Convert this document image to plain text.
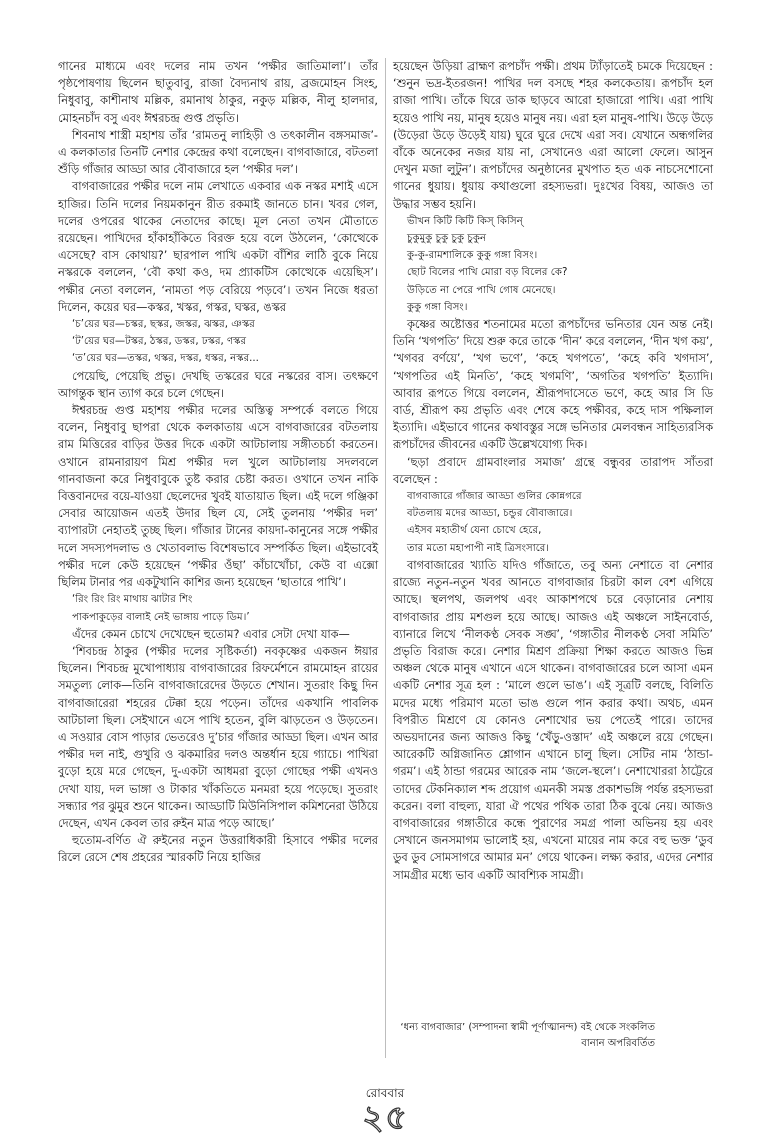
গানের মাধ্যমে এবং দলের নাম তখন ‘পক্ষীর জাতিমালা’। তাঁর পৃষ্ঠপোষণায় ছিলেন ছাতুবাবু, রাজা বৈদ্যনাথ রায়, ব্রজমোহন সিংহ, নিধুবাবু, কাশীনাথ মল্লিক, রমানাথ ঠাকুর, নকুড় মল্লিক, নীলু হালদার, মোহনচাঁদ বসু এবং ঈশ্বরচন্দ্র গুপ্ত প্রভৃতি।

শিবনাথ শাস্ত্রী মহাশয় তাঁর ‘রামতনু লাহিড়ী ও তৎকালীন বঙ্গসমাজ’-এ কলকাতার তিনটি নেশার কেন্দ্রের কথা বলেছেন। বাগবাজারে, বটতলা শুঁড়ি গাঁজার আড্ডা আর বৌবাজারে হল ‘পক্ষীর দল’।

বাগবাজারের পক্ষীর দলে নাম লেখাতে একবার এক নস্কর মশাই এসে হাজির। তিনি দলের নিয়মকানুন রীত রকমাই জানতে চান। খবর গেল, দলের ওপরের থাকের নেতাদের কাছে। মূল নেতা তখন মৌতাতে রয়েছেন। পাখিদের হাঁকাহাঁকিতে বিরক্ত হয়ে বলে উঠলেন, ‘কোত্থেকে এসেছে? বাস কোথায়?’ ছারপাল পাখি একটা বাঁশির লাঠি বুকে নিয়ে নস্করকে বললেন, ‘বৌ কথা কও, দম প্র্যাকটিস কোত্থেকে এয়েছিস’। পক্ষীর নেতা বললেন, ‘নামতা পড় বেরিয়ে পড়বে’। তখন নিজে ধরতা দিলেন, কয়ের ঘর—কস্কর, খস্কর, গস্কর, ঘস্কর, ঙস্কর

‘চ’য়ের ঘর—চস্কর, ছস্কর, জস্কর, ঝস্কর, ঞস্কর
‘ট’য়ের ঘর—টস্কর, ঠস্কর, ডস্কর, ঢস্কর, ণস্কর
‘ত’য়ের ঘর—তস্কর, থস্কর, দস্কর, ধস্কর, নস্কর...

পেয়েছি, পেয়েছি প্রভু। দেখছি তস্করের ঘরে নস্করের বাস। তৎক্ষণে আগন্তুক স্থান ত্যাগ করে চলে গেছেন।

ঈশ্বরচন্দ্র গুপ্ত মহাশয় পক্ষীর দলের অস্তিত্ব সম্পর্কে বলতে গিয়ে বলেন, নিধুবাবু ছাপরা থেকে কলকাতায় এসে বাগবাজারের বটতলায় রাম মিত্তিরের বাড়ির উত্তর দিকে একটা আটচালায় সঙ্গীতচর্চা করতেন। ওখানে রামনারায়ণ মিশ্র পক্ষীর দল খুলে আটচালায় সদলবলে গানবাজনা করে নিধুবাবুকে তুষ্ট করার চেষ্টা করত। ওখানে তখন নাকি বিত্তবানদের বয়ে-যাওয়া ছেলেদের খুবই যাতায়াত ছিল। এই দলে গঞ্জিকা সেবার আয়োজন এতই উদার ছিল যে, সেই তুলনায় ‘পক্ষীর দল’ ব্যাপারটা নেহাতই তুচ্ছ ছিল। গাঁজার টানের কায়দা-কানুনের সঙ্গে পক্ষীর দলে সদস্যপদলাভ ও খেতাবলাভ বিশেষভাবে সম্পর্কিত ছিল। এইভাবেই পক্ষীর দলে কেউ হয়েছেন ‘পক্ষীর ওঁছা’ কাঁচাখোঁচা, কেউ বা এক্সো ছিলিম টানার পর একটুখানি কাশির জন্য হয়েছেন ‘ছাতারে পাখি’।

‘রিং রিং রিং মাথায় ঝাটার শিং
পাকপাকুড়ের বালাই নেই ভাঙ্গায় পাড়ে ডিম।’

এঁদের কেমন চোখে দেখেছেন হুতোম? এবার সেটা দেখা যাক—

‘শিবচন্দ্র ঠাকুর (পক্ষীর দলের সৃষ্টিকর্তা) নবকৃষ্ণের একজন ঈয়ার ছিলেন। শিবচন্দ্র মুখোপাধ্যায় বাগবাজারের রিফর্মেশনে রামমোহন রায়ের সমতুল্য লোক—তিনি বাগবাজারেদের উড়তে শেখান। সুতরাং কিছু দিন বাগবাজারেরা শহরের টেক্কা হয়ে পড়েন। তাঁদের একখানি পাবলিক আটচালা ছিল। সেইখানে এসে পাখি হতেন, বুলি ঝাড়তেন ও উড়তেন। এ সওয়ার বোস পাড়ার ভেতরেও দু’চার গাঁজার আড্ডা ছিল। এখন আর পক্ষীর দল নাই, গুখুরি ও ঝকমারির দলও অন্তর্ধান হয়ে গ্যাচে। পাখিরা বুড়ো হয়ে মরে গেছেন, দু-একটা আধমরা বুড়ো গোছের পক্ষী এখনও দেখা যায়, দল ভাঙ্গা ও টাকার খাঁকতিতে মনমরা হয়ে পড়েছে। সুতরাং সন্ধ্যার পর ঝুমুর শুনে থাকেন। আড্ডাটি মিউনিসিপাল কমিশনেরা উঠিয়ে দেছেন, এখন কেবল তার রুইন মাত্র পড়ে আছে।’

হুতোম-বর্ণিত ঐ রুইনের নতুন উত্তরাধিকারী হিসাবে পক্ষীর দলের রিলে রেসে শেষ প্রহরের স্মারকটি নিয়ে হাজির

হয়েছেন উড়িয়া ব্রাহ্মণ রূপচাঁদ পক্ষী। প্রথম ট্যাঁড়াতেই চমকে দিয়েছেন : ‘শুনুন ভদ্র-ইতরজন! পাখির দল বসছে শহর কলকেতায়। রূপচাঁদ হল রাজা পাখি। তাঁকে ঘিরে ডাক ছাড়বে আরো হাজারো পাখি। এরা পাখি হয়েও পাখি নয়, মানুষ হয়েও মানুষ নয়। এরা হল মানুষ-পাখি। উড়ে উড়ে (উড়েরা উড়ে উড়েই যায়) ঘুরে ঘুরে দেখে এরা সব। যেখানে অন্ধগলির বাঁকে অনেকের নজর যায় না, সেখানেও এরা আলো ফেলে। আসুন দেখুন মজা লুটুন’। রূপচাঁদের অনুষ্ঠানের মুখপাত হত এক নাচসেশোনো গানের ধুয়ায়। ধুয়ায় কথাগুলো রহস্যভরা। দুঃখের বিষয়, আজও তা উদ্ধার সম্ভব হয়নি।

ভীখন কিটি কিটি কিস্ কিসিন্
চুকুমুকু চুকু চুকু চুকুন
কু-কু-রামশালিকে কুকু গঙ্গা বিসং।
ছোট বিলের পাখি মোরা বড় বিলের কে?
উড়িতে না পেরে পাখি গোষ মেনেছে।
কুকু গঙ্গা বিসং।

কৃষ্ণের অষ্টোত্তর শতনামের মতো রূপচাঁদের ভনিতার যেন অন্ত নেই। তিনি ‘খগপতি’ দিয়ে শুরু করে তাকে ‘দীন’ করে বললেন, ‘দীন খগ কয়’, ‘খগবর বর্ণয়ে’, ‘খগ ভণে’, ‘কহে খগপতে’, ‘কহে কবি খগদাস’, ‘খগপতির এই মিনতি’, ‘কহে খগমণি’, ‘অগতির খগপতি’ ইত্যাদি। আবার রূপতে গিয়ে বললেন, শ্রীরূপদাসেতে ভণে, কহে আর সি ডি বার্ড, শ্রীরূপ কয় প্রভৃতি এবং শেষে কহে পক্ষীবর, কহে দাস পক্ষিলাল ইত্যাদি। এইভাবে গানের কথাবস্তুর সঙ্গে ভনিতার মেলবন্ধন সাহিত্যরসিক রূপচাঁদের জীবনের একটি উল্লেখযোগ্য দিক।

‘ছড়া প্রবাদে গ্রামবাংলার সমাজ’ গ্রন্থে বন্ধুবর তারাপদ সাঁতরা বলেছেন :

বাগবাজারে গাঁজার আড্ডা গুলির কোন্নগরে
বটতলায় মদের আড্ডা, চন্ডুর বৌবাজারে।
এইসব মহাতীর্থ যেনা চোখে হেরে,
তার মতো মহাপাপী নাই ত্রিসংসারে।

বাগবাজারের খ্যাতি যদিও গাঁজাতে, তবু অন্য নেশাতে বা নেশার রাজ্যে নতুন-নতুন খবর আনতে বাগবাজার চিরটা কাল বেশ এগিয়ে আছে। স্থলপথ, জলপথ এবং আকাশপথে চরে বেড়ানোর নেশায় বাগবাজার প্রায় মশগুল হয়ে আছে। আজও এই অঞ্চলে সাইনবোর্ড, ব্যানারে লিখে ‘নীলকণ্ঠ সেবক সঙ্ঘ’, ‘গঙ্গাতীর নীলকণ্ঠ সেবা সমিতি’ প্রভৃতি বিরাজ করে। নেশার মিশ্রণ প্রক্রিয়া শিক্ষা করতে আজও ভিন্ন অঞ্চল থেকে মানুষ এখানে এসে থাকেন। বাগবাজারের চলে আসা এমন একটি নেশার সূত্র হল : ‘মালে গুলে ভাঙ’। এই সূত্রটি বলছে, বিলিতি মদের মধ্যে পরিমাণ মতো ভাঙ গুলে পান করার কথা। অথচ, এমন বিপরীত মিশ্রণে যে কোনও নেশাখোর ভয় পেতেই পারে। তাদের অভয়দানের জন্য আজও কিছু ‘খেঁড়ু-ওস্তাদ’ এই অঞ্চলে রয়ে গেছেন। আরেকটি অগ্নিজানিত শ্লোগান এখানে চালু ছিল। সেটির নাম ‘ঠান্ডা-গরম’। এই ঠান্ডা গরমের আরেক নাম ‘জলে-স্থলে’। নেশাখোররা ঠাট্টেরে তাদের টেকনিক্যাল শব্দ প্রয়োগ এমনকী সমস্ত প্রকাশভঙ্গি পর্যন্ত রহস্যভরা করেন। বলা বাহুল্য, যারা ঐ পথের পথিক তারা ঠিক বুঝে নেয়। আজও বাগবাজারের গঙ্গাতীরে কন্ধে পুরাণের সমগ্র পালা অভিনয় হয় এবং সেখানে জনসমাগম ভালোই হয়, এখনো মায়ের নাম করে বহু ভক্ত ‘ডুব ডুব ডুব সোমসাগরে আমার মন’ গেয়ে থাকেন। লক্ষ্য করার, এদের নেশার সামগ্রীর মধ্যে ভাব একটি আবশ্যিক সামগ্রী।

‘ধন্য বাগবাজার’ (সম্পাদনা স্বামী পূর্ণাত্মানন্দ) বই থেকে সংকলিত
বানান অপরিবর্তিত
রোববার
২৫
